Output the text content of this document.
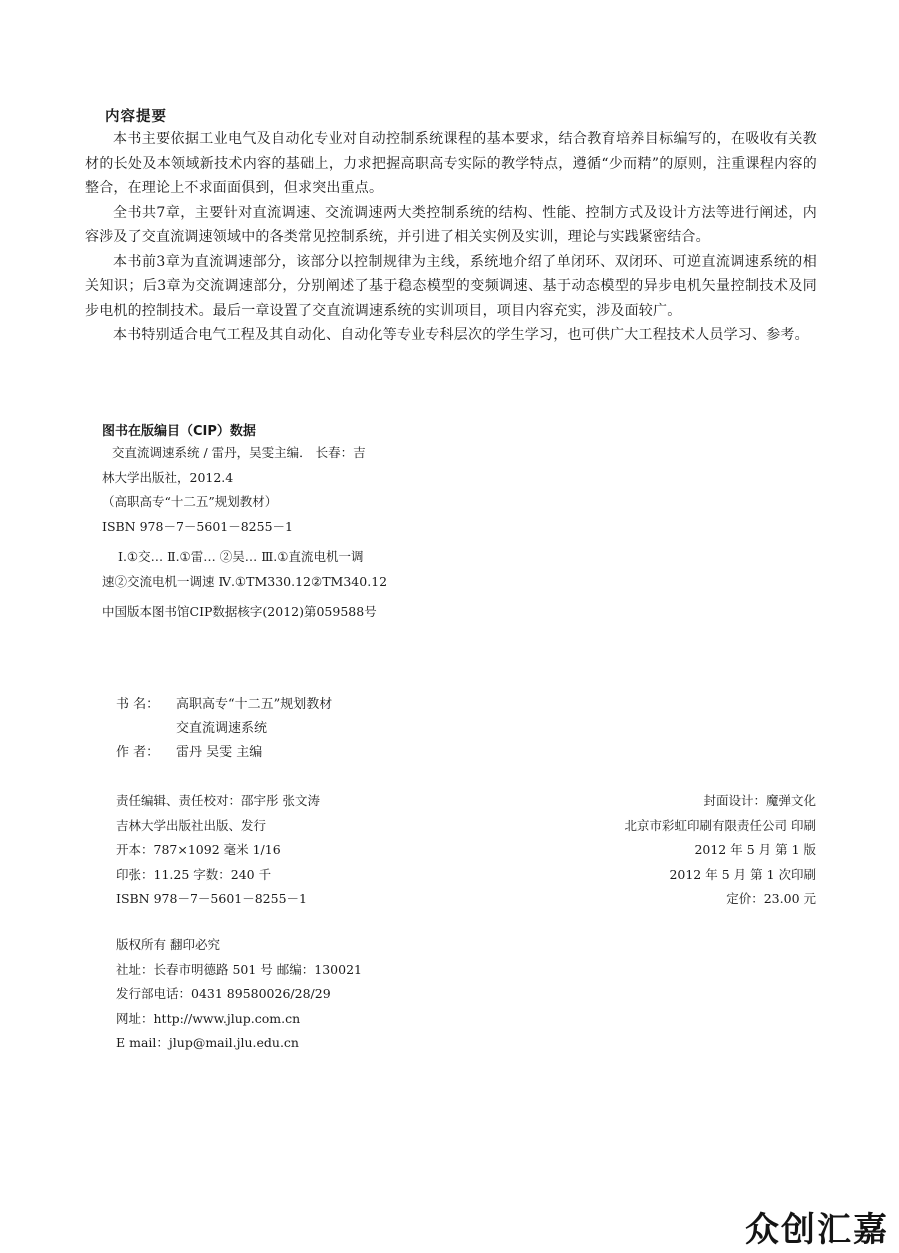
内容提要

本书主要依据工业电气及自动化专业对自动控制系统课程的基本要求，结合教育培养目标编写的，在吸收有关教材的长处及本领域新技术内容的基础上，力求把握高职高专实际的教学特点，遵循“少而精”的原则，注重课程内容的整合，在理论上不求面面俱到，但求突出重点。

全书共7章，主要针对直流调速、交流调速两大类控制系统的结构、性能、控制方式及设计方法等进行阐述，内容涉及了交直流调速领域中的各类常见控制系统，并引进了相关实例及实训，理论与实践紧密结合。

本书前3章为直流调速部分，该部分以控制规律为主线，系统地介绍了单闭环、双闭环、可逆直流调速系统的相关知识；后3章为交流调速部分，分别阐述了基于稳态模型的变频调速、基于动态模型的异步电机矢量控制技术及同步电机的控制技术。最后一章设置了交直流调速系统的实训项目，项目内容充实，涉及面较广。

本书特别适合电气工程及其自动化、自动化等专业专科层次的学生学习，也可供广大工程技术人员学习、参考。

图书在版编目（CIP）数据
交直流调速系统 / 雷丹，吴雯主编． 长春：吉
林大学出版社，2012.4
（高职高专“十二五”规划教材）
ISBN 978－7－5601－8255－1
Ⅰ.①交… Ⅱ.①雷… ②吴… Ⅲ.①直流电机一调
速②交流电机一调速 Ⅳ.①TM330.12②TM340.12
中国版本图书馆CIP数据核字(2012)第059588号
书 名： 高职高专“十二五”规划教材
交直流调速系统
作 者： 雷丹 吴雯 主编
责任编辑、责任校对：邵宇彤 张文涛	封面设计：魔弹文化
吉林大学出版社出版、发行	北京市彩虹印刷有限责任公司 印刷
开本：787×1092 毫米 1/16	2012 年 5 月 第 1 版
印张：11.25 字数：240 千	2012 年 5 月 第 1 次印刷
ISBN 978－7－5601－8255－1	定价：23.00 元
版权所有 翻印必究
社址：长春市明德路 501 号 邮编：130021
发行部电话：0431 89580026/28/29
网址：http://www.jlup.com.cn
E mail：jlup@mail.jlu.edu.cn
众创汇嘉
